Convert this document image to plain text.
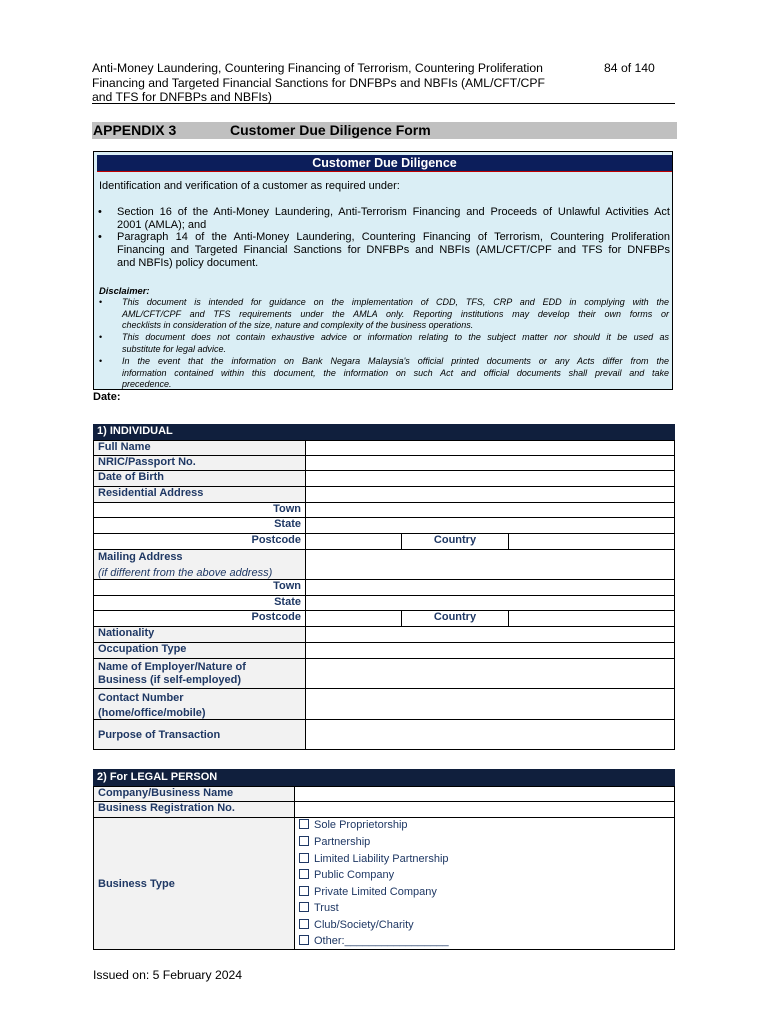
Anti-Money Laundering, Countering Financing of Terrorism, Countering Proliferation
Financing and Targeted Financial Sanctions for DNFBPs and NBFIs (AML/CFT/CPF
and TFS for DNFBPs and NBFIs)
84 of 140
APPENDIX 3	Customer Due Diligence Form
Customer Due Diligence
Identification and verification of a customer as required under:
• Section 16 of the Anti-Money Laundering, Anti-Terrorism Financing and Proceeds of Unlawful Activities Act
2001 (AMLA); and
• Paragraph 14 of the Anti-Money Laundering, Countering Financing of Terrorism, Countering Proliferation
Financing and Targeted Financial Sanctions for DNFBPs and NBFIs (AML/CFT/CPF and TFS for DNFBPs
and NBFIs) policy document.
Disclaimer:
• This document is intended for guidance on the implementation of CDD, TFS, CRP and EDD in complying with the
AML/CFT/CPF and TFS requirements under the AMLA only. Reporting institutions may develop their own forms or
checklists in consideration of the size, nature and complexity of the business operations.
• This document does not contain exhaustive advice or information relating to the subject matter nor should it be used as
substitute for legal advice.
• In the event that the information on Bank Negara Malaysia's official printed documents or any Acts differ from the
information contained within this document, the information on such Act and official documents shall prevail and take
precedence.
Date:
1) INDIVIDUAL
Full Name
NRIC/Passport No.
Date of Birth
Residential Address
Town
State
Postcode	Country
Mailing Address
(if different from the above address)
Town
State
Postcode	Country
Nationality
Occupation Type
Name of Employer/Nature of
Business (if self-employed)
Contact Number
(home/office/mobile)
Purpose of Transaction
2) For LEGAL PERSON
Company/Business Name
Business Registration No.
Business Type
Sole Proprietorship
Partnership
Limited Liability Partnership
Public Company
Private Limited Company
Trust
Club/Society/Charity
Other:_________________
Issued on: 5 February 2024
